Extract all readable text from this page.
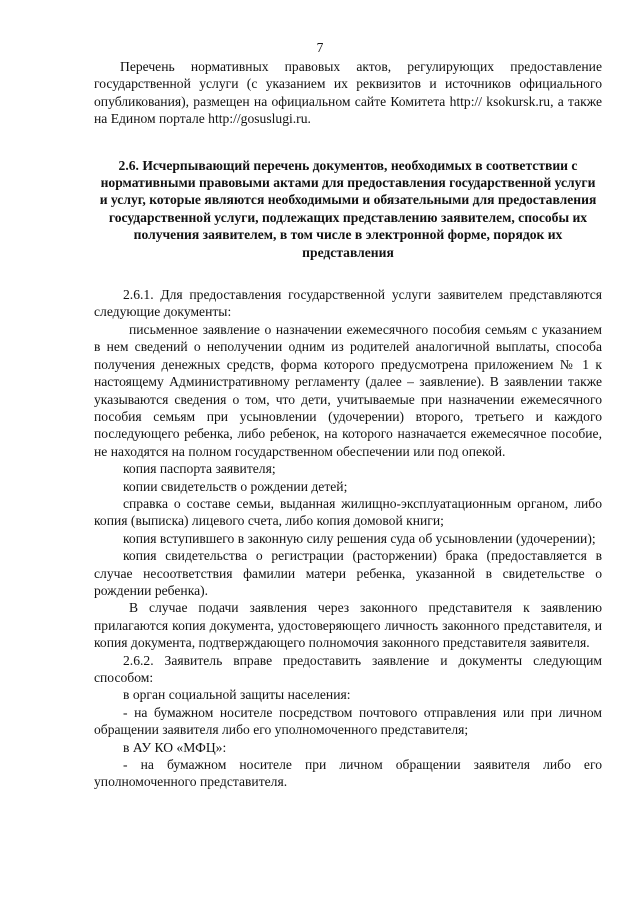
7

Перечень нормативных правовых актов, регулирующих предоставление государственной услуги (с указанием их реквизитов и источников официального опубликования), размещен на официальном сайте Комитета http:// ksokursk.ru, а также на Едином портале http://gosuslugi.ru.

2.6. Исчерпывающий перечень документов, необходимых в соответствии с нормативными правовыми актами для предоставления государственной услуги и услуг, которые являются необходимыми и обязательными для предоставления государственной услуги, подлежащих представлению заявителем, способы их получения заявителем, в том числе в электронной форме, порядок их представления

2.6.1. Для предоставления государственной услуги заявителем представляются следующие документы:

письменное заявление о назначении ежемесячного пособия семьям с указанием в нем сведений о неполучении одним из родителей аналогичной выплаты, способа получения денежных средств, форма которого предусмотрена приложением № 1 к настоящему Административному регламенту (далее – заявление). В заявлении также указываются сведения о том, что дети, учитываемые при назначении ежемесячного пособия семьям при усыновлении (удочерении) второго, третьего и каждого последующего ребенка, либо ребенок, на которого назначается ежемесячное пособие, не находятся на полном государственном обеспечении или под опекой.

копия паспорта заявителя;

копии свидетельств о рождении детей;

справка о составе семьи, выданная жилищно-эксплуатационным органом, либо копия (выписка) лицевого счета, либо копия домовой книги;

копия вступившего в законную силу решения суда об усыновлении (удочерении);

копия свидетельства о регистрации (расторжении) брака (предоставляется в случае несоответствия фамилии матери ребенка, указанной в свидетельстве о рождении ребенка).

В случае подачи заявления через законного представителя к заявлению прилагаются копия документа, удостоверяющего личность законного представителя, и копия документа, подтверждающего полномочия законного представителя заявителя.

2.6.2. Заявитель вправе предоставить заявление и документы следующим способом:

в орган социальной защиты населения:

- на бумажном носителе посредством почтового отправления или при личном обращении заявителя либо его уполномоченного представителя;

в АУ КО «МФЦ»:

- на бумажном носителе при личном обращении заявителя либо его уполномоченного представителя.
